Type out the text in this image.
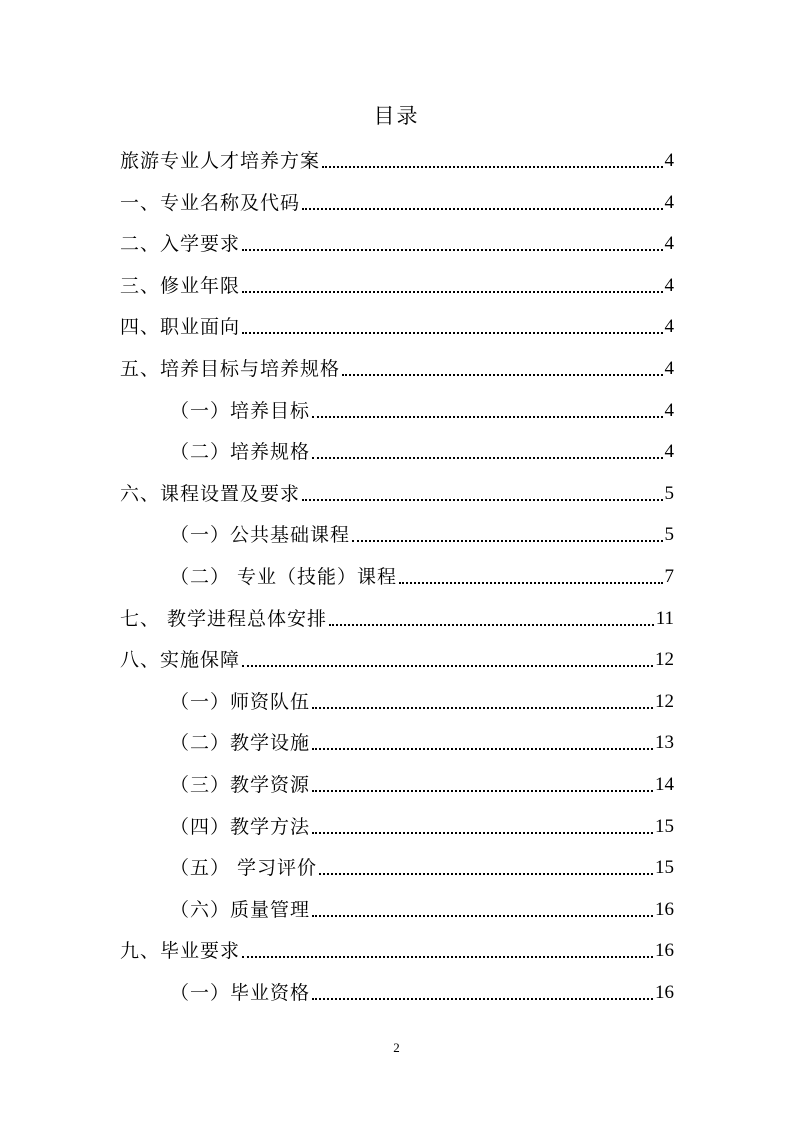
目录
旅游专业人才培养方案	4
一、专业名称及代码	4
二、入学要求	4
三、修业年限	4
四、职业面向	4
五、培养目标与培养规格	4
（一）培养目标	4
（二）培养规格	4
六、课程设置及要求	5
（一）公共基础课程	5
（二） 专业（技能）课程	7
七、 教学进程总体安排	11
八、实施保障	12
（一）师资队伍	12
（二）教学设施	13
（三）教学资源	14
（四）教学方法	15
（五） 学习评价	15
（六）质量管理	16
九、毕业要求	16
（一）毕业资格	16
2
